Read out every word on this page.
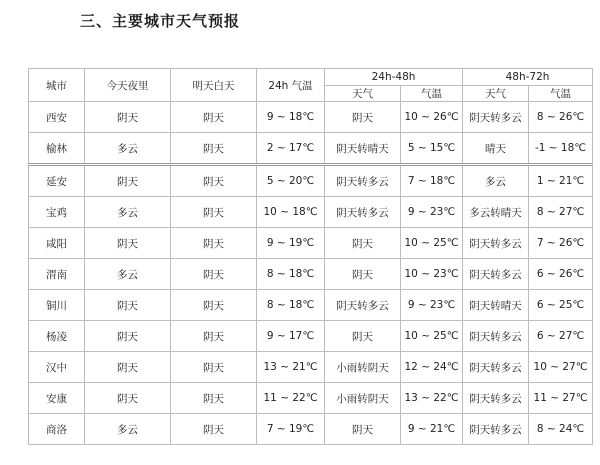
三、主要城市天气预报
城市	今天夜里	明天白天	24h 气温	24h-48h		48h-72h	
				天气	气温	天气	气温
西安	阴天	阴天	9 ~ 18℃	阴天	10 ~ 26℃	阴天转多云	8 ~ 26℃
榆林	多云	阴天	2 ~ 17℃	阴天转晴天	5 ~ 15℃	晴天	-1 ~ 18℃
延安	阴天	阴天	5 ~ 20℃	阴天转多云	7 ~ 18℃	多云	1 ~ 21℃
宝鸡	多云	阴天	10 ~ 18℃	阴天转多云	9 ~ 23℃	多云转晴天	8 ~ 27℃
咸阳	阴天	阴天	9 ~ 19℃	阴天	10 ~ 25℃	阴天转多云	7 ~ 26℃
渭南	多云	阴天	8 ~ 18℃	阴天	10 ~ 23℃	阴天转多云	6 ~ 26℃
铜川	阴天	阴天	8 ~ 18℃	阴天转多云	9 ~ 23℃	阴天转晴天	6 ~ 25℃
杨凌	阴天	阴天	9 ~ 17℃	阴天	10 ~ 25℃	阴天转多云	6 ~ 27℃
汉中	阴天	阴天	13 ~ 21℃	小雨转阴天	12 ~ 24℃	阴天转多云	10 ~ 27℃
安康	阴天	阴天	11 ~ 22℃	小雨转阴天	13 ~ 22℃	阴天转多云	11 ~ 27℃
商洛	多云	阴天	7 ~ 19℃	阴天	9 ~ 21℃	阴天转多云	8 ~ 24℃
